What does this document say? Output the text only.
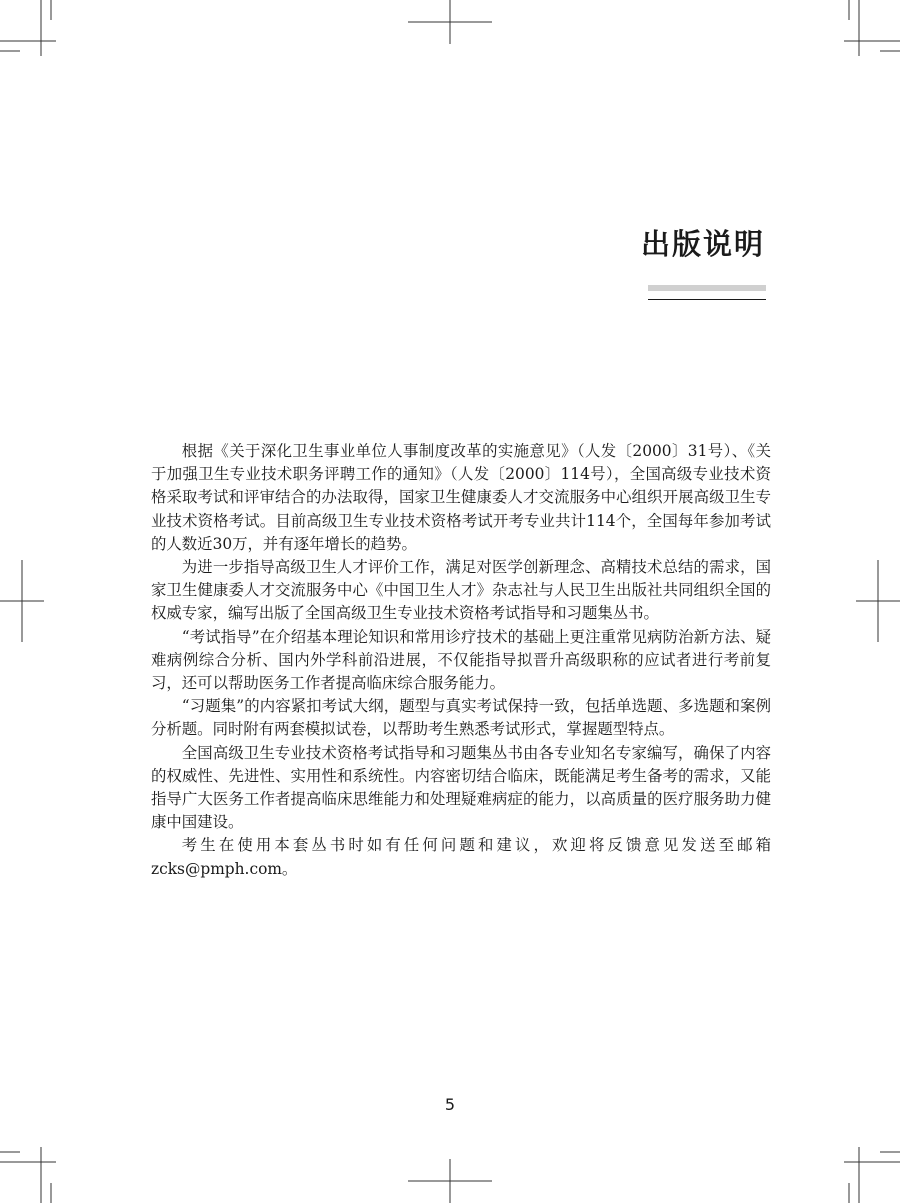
出版说明

根据《关于深化卫生事业单位人事制度改革的实施意见》（人发〔2000〕31号）、《关于加强卫生专业技术职务评聘工作的通知》（人发〔2000〕114号），全国高级专业技术资格采取考试和评审结合的办法取得，国家卫生健康委人才交流服务中心组织开展高级卫生专业技术资格考试。目前高级卫生专业技术资格考试开考专业共计114个，全国每年参加考试的人数近30万，并有逐年增长的趋势。

为进一步指导高级卫生人才评价工作，满足对医学创新理念、高精技术总结的需求，国家卫生健康委人才交流服务中心《中国卫生人才》杂志社与人民卫生出版社共同组织全国的权威专家，编写出版了全国高级卫生专业技术资格考试指导和习题集丛书。

“考试指导”在介绍基本理论知识和常用诊疗技术的基础上更注重常见病防治新方法、疑难病例综合分析、国内外学科前沿进展，不仅能指导拟晋升高级职称的应试者进行考前复习，还可以帮助医务工作者提高临床综合服务能力。

“习题集”的内容紧扣考试大纲，题型与真实考试保持一致，包括单选题、多选题和案例分析题。同时附有两套模拟试卷，以帮助考生熟悉考试形式，掌握题型特点。

全国高级卫生专业技术资格考试指导和习题集丛书由各专业知名专家编写，确保了内容的权威性、先进性、实用性和系统性。内容密切结合临床，既能满足考生备考的需求，又能指导广大医务工作者提高临床思维能力和处理疑难病症的能力，以高质量的医疗服务助力健康中国建设。

考生在使用本套丛书时如有任何问题和建议，欢迎将反馈意见发送至邮箱zcks@pmph.com。

5
